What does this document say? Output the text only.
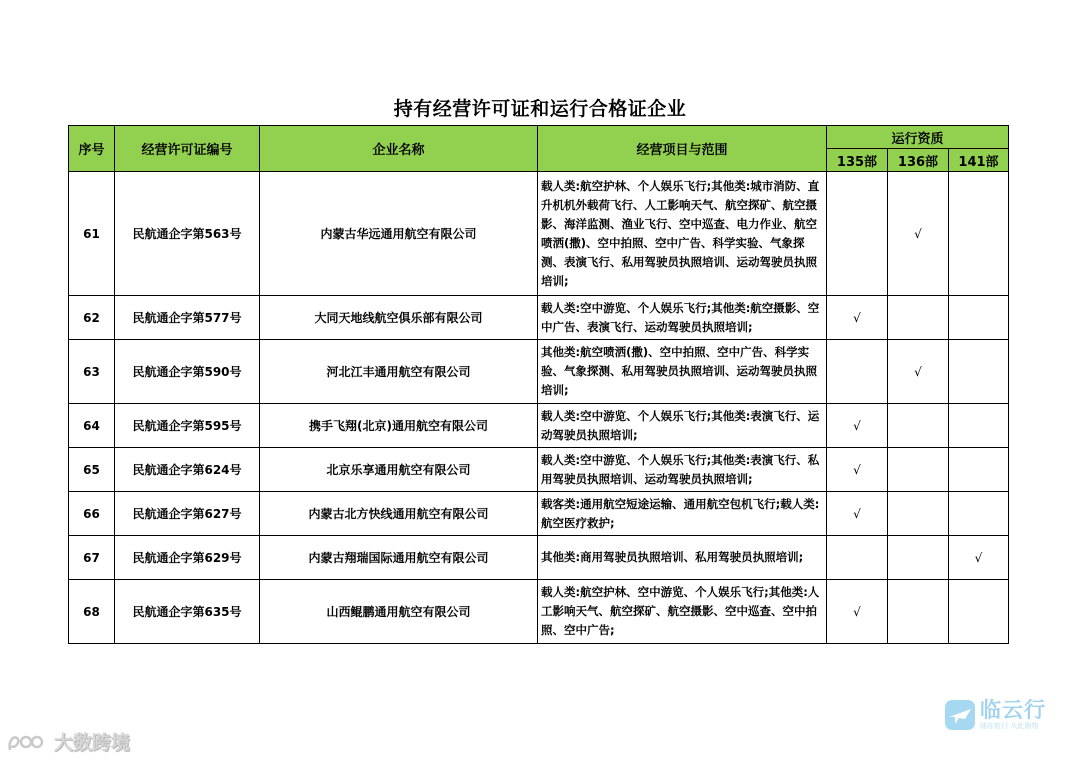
持有经营许可证和运行合格证企业
序号	经营许可证编号	企业名称	经营项目与范围	运行资质		
				135部	136部	141部
61	民航通企字第563号	内蒙古华远通用航空有限公司	载人类:航空护林、个人娱乐飞行;其他类:城市消防、直升机机外载荷飞行、人工影响天气、航空探矿、航空摄影、海洋监测、渔业飞行、空中巡查、电力作业、航空喷洒(撒)、空中拍照、空中广告、科学实验、气象探测、表演飞行、私用驾驶员执照培训、运动驾驶员执照培训;		√	
62	民航通企字第577号	大同天地线航空俱乐部有限公司	载人类:空中游览、个人娱乐飞行;其他类:航空摄影、空中广告、表演飞行、运动驾驶员执照培训;	√		
63	民航通企字第590号	河北江丰通用航空有限公司	其他类:航空喷洒(撒)、空中拍照、空中广告、科学实验、气象探测、私用驾驶员执照培训、运动驾驶员执照培训;		√	
64	民航通企字第595号	携手飞翔(北京)通用航空有限公司	载人类:空中游览、个人娱乐飞行;其他类:表演飞行、运动驾驶员执照培训;	√		
65	民航通企字第624号	北京乐享通用航空有限公司	载人类:空中游览、个人娱乐飞行;其他类:表演飞行、私用驾驶员执照培训、运动驾驶员执照培训;	√		
66	民航通企字第627号	内蒙古北方快线通用航空有限公司	载客类:通用航空短途运输、通用航空包机飞行;载人类:航空医疗救护;	√		
67	民航通企字第629号	内蒙古翔瑞国际通用航空有限公司	其他类:商用驾驶员执照培训、私用驾驶员执照培训;			√
68	民航通企字第635号	山西鲲鹏通用航空有限公司	载人类:航空护林、空中游览、个人娱乐飞行;其他类:人工影响天气、航空探矿、航空摄影、空中巡查、空中拍照、空中广告;	√		
大数跨境
临云行
随你航行 从此翱翔
